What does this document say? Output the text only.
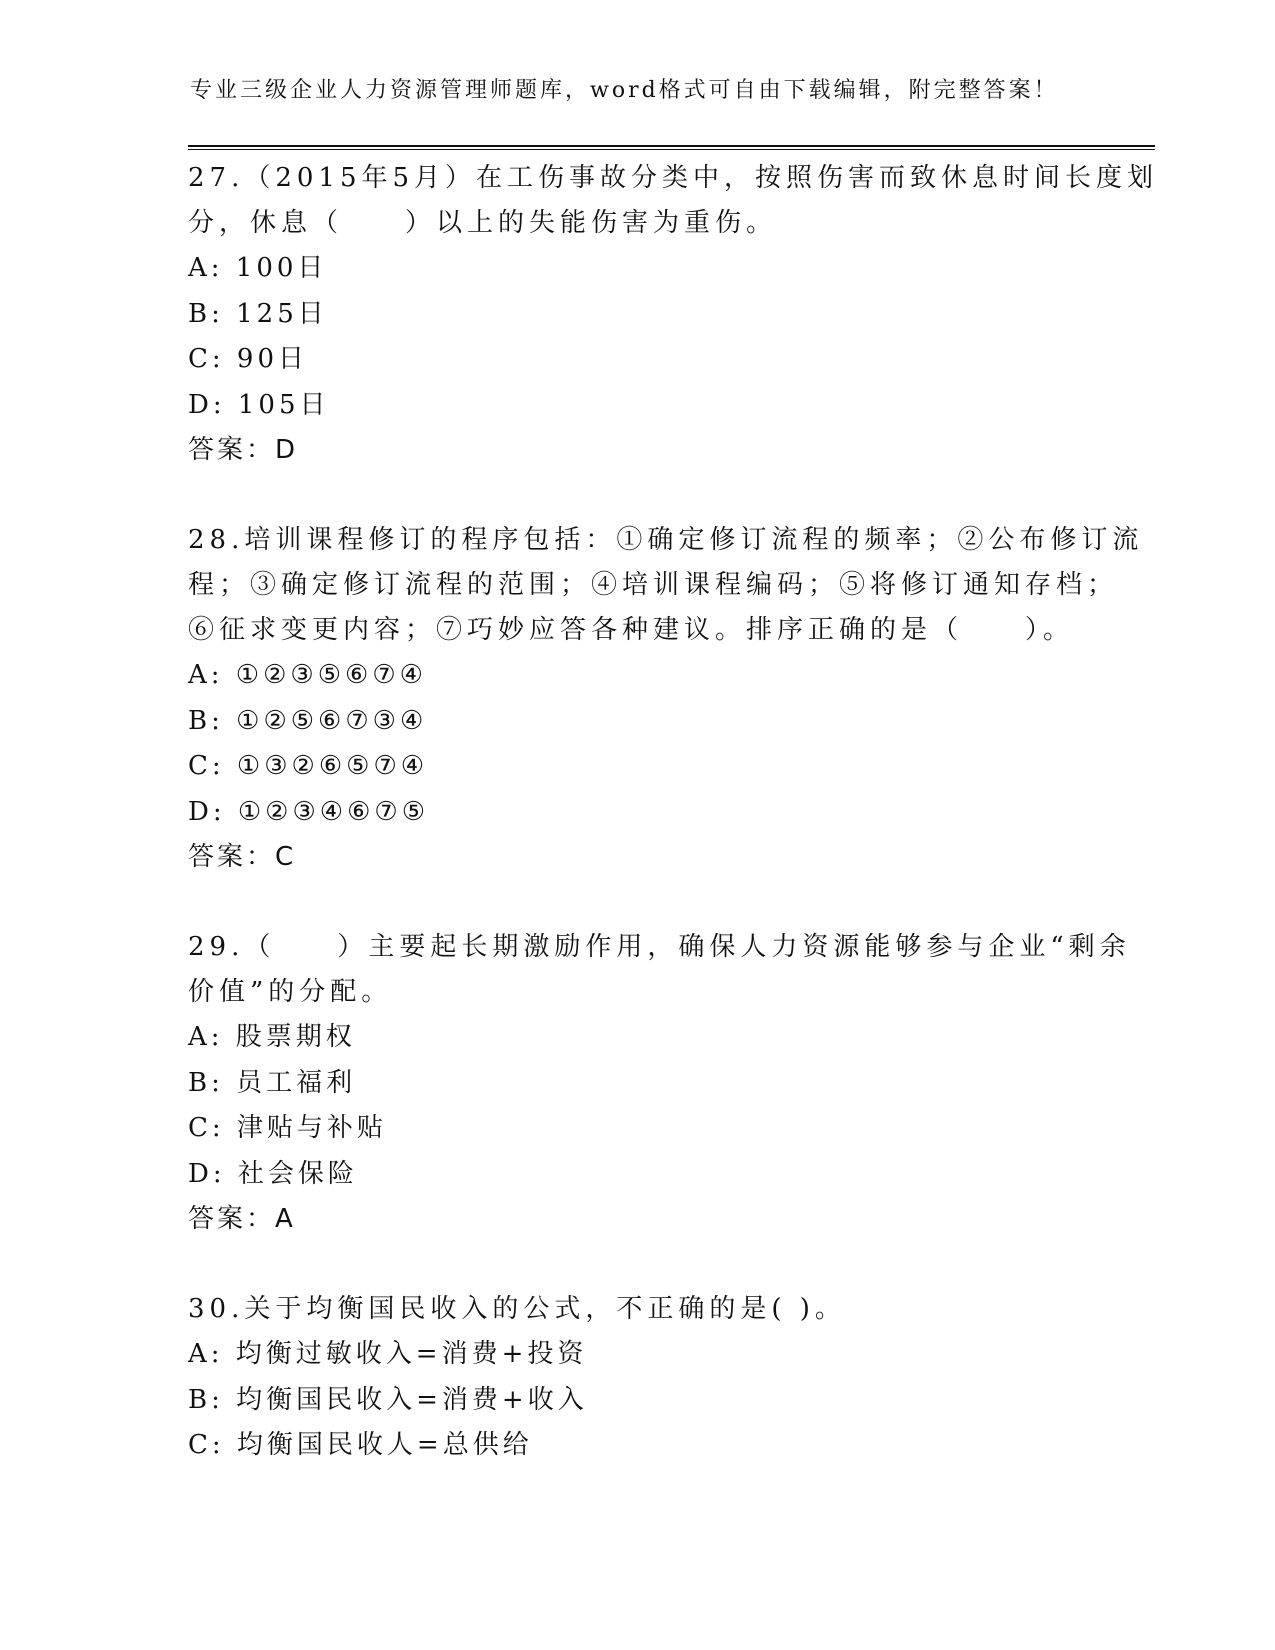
专业三级企业人力资源管理师题库，word格式可自由下载编辑，附完整答案！
27.（2015年5月）在工伤事故分类中，按照伤害而致休息时间长度划
分，休息（　　）以上的失能伤害为重伤。
A: 100日
B: 125日
C: 90日
D: 105日
答案：D
28.培训课程修订的程序包括：①确定修订流程的频率；②公布修订流
程；③确定修订流程的范围；④培训课程编码；⑤将修订通知存档；
⑥征求变更内容；⑦巧妙应答各种建议。排序正确的是（　　）。
A: ①②③⑤⑥⑦④
B: ①②⑤⑥⑦③④
C: ①③②⑥⑤⑦④
D: ①②③④⑥⑦⑤
答案：C
29.（　　）主要起长期激励作用，确保人力资源能够参与企业“剩余
价值”的分配。
A: 股票期权
B: 员工福利
C: 津贴与补贴
D: 社会保险
答案：A
30.关于均衡国民收入的公式，不正确的是( )。
A: 均衡过敏收入=消费+投资
B: 均衡国民收入=消费+收入
C: 均衡国民收人=总供给
